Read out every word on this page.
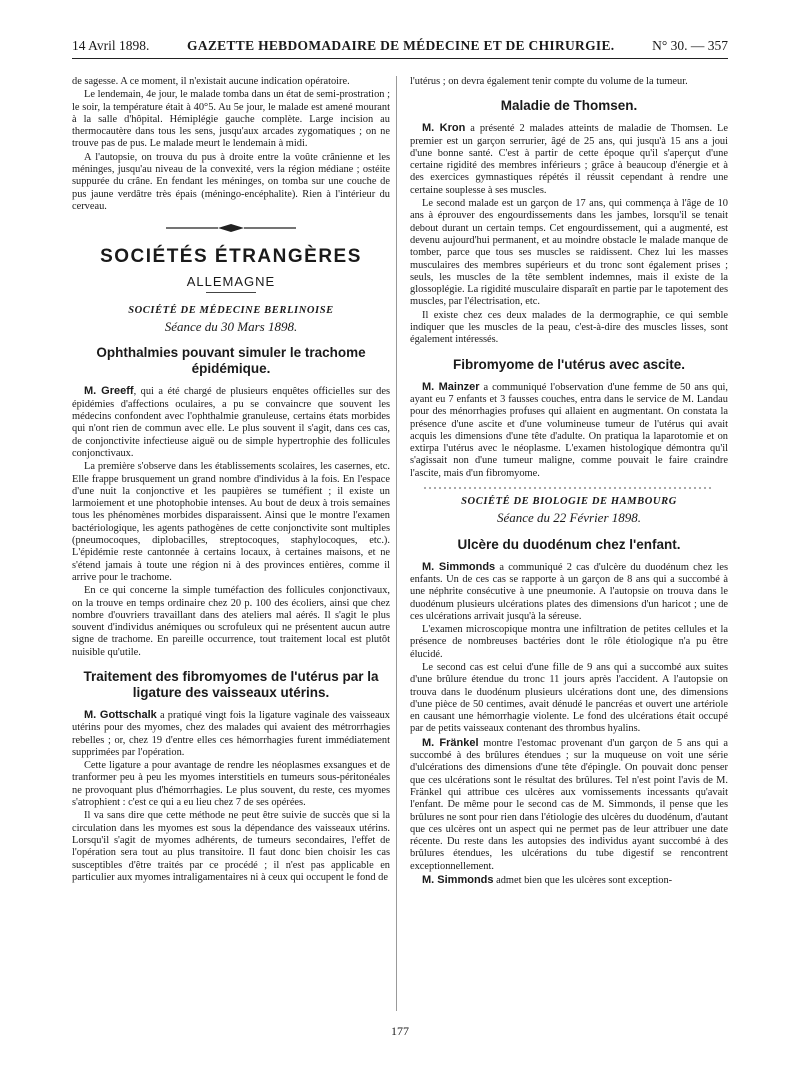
14 Avril 1898.	GAZETTE HEBDOMADAIRE DE MÉDECINE ET DE CHIRURGIE.	N° 30. — 357

de sagesse. A ce moment, il n'existait aucune indication opératoire.

Le lendemain, 4e jour, le malade tomba dans un état de semi-prostration ; le soir, la température était à 40°5. Au 5e jour, le malade est amené mourant à la salle d'hôpital. Hémiplégie gauche complète. Large incision au thermocautère dans tous les sens, jusqu'aux arcades zygomatiques ; on ne trouve pas de pus. Le malade meurt le lendemain à midi.

A l'autopsie, on trouva du pus à droite entre la voûte crânienne et les méninges, jusqu'au niveau de la convexité, vers la région médiane ; ostéite suppurée du crâne. En fendant les méninges, on tomba sur une couche de pus jaune verdâtre très épais (méningo-encéphalite). Rien à l'intérieur du cerveau.

SOCIÉTÉS ÉTRANGÈRES
ALLEMAGNE
SOCIÉTÉ DE MÉDECINE BERLINOISE
Séance du 30 Mars 1898.
Ophthalmies pouvant simuler le trachome épidémique.

M. Greeff, qui a été chargé de plusieurs enquêtes officielles sur des épidémies d'affections oculaires, a pu se convaincre que souvent les médecins confondent avec l'ophthalmie granuleuse, certains états morbides qui n'ont rien de commun avec elle. Le plus souvent il s'agit, dans ces cas, de conjonctivite infectieuse aiguë ou de simple hypertrophie des follicules conjonctivaux.

La première s'observe dans les établissements scolaires, les casernes, etc. Elle frappe brusquement un grand nombre d'individus à la fois. En l'espace d'une nuit la conjonctive et les paupières se tuméfient ; il existe un larmoiement et une photophobie intenses. Au bout de deux à trois semaines tous les phénomènes morbides disparaissent. Ainsi que le montre l'examen bactériologique, les agents pathogènes de cette conjonctivite sont multiples (pneumocoques, diplobacilles, streptocoques, staphylocoques, etc.). L'épidémie reste cantonnée à certains locaux, à certaines maisons, et ne s'étend jamais à toute une région ni à des provinces entières, comme il arrive pour le trachome.

En ce qui concerne la simple tuméfaction des follicules conjonctivaux, on la trouve en temps ordinaire chez 20 p. 100 des écoliers, ainsi que chez nombre d'ouvriers travaillant dans des ateliers mal aérés. Il s'agit le plus souvent d'individus anémiques ou scrofuleux qui ne présentent aucun autre signe de trachome. En pareille occurrence, tout traitement local est plutôt nuisible qu'utile.

Traitement des fibromyomes de l'utérus par la ligature des vaisseaux utérins.

M. Gottschalk a pratiqué vingt fois la ligature vaginale des vaisseaux utérins pour des myomes, chez des malades qui avaient des métrorrhagies rebelles ; or, chez 19 d'entre elles ces hémorrhagies furent immédiatement supprimées par l'opération.

Cette ligature a pour avantage de rendre les néoplasmes exsangues et de tranformer peu à peu les myomes interstitiels en tumeurs sous-péritonéales ne provoquant plus d'hémorrhagies. Le plus souvent, du reste, ces myomes s'atrophient : c'est ce qui a eu lieu chez 7 de ses opérées.

Il va sans dire que cette méthode ne peut être suivie de succès que si la circulation dans les myomes est sous la dépendance des vaisseaux utérins. Lorsqu'il s'agit de myomes adhérents, de tumeurs secondaires, l'effet de l'opération sera tout au plus transitoire. Il faut donc bien choisir les cas susceptibles d'être traités par ce procédé ; il n'est pas applicable en particulier aux myomes intraligamentaires ni à ceux qui occupent le fond de

l'utérus ; on devra également tenir compte du volume de la tumeur.

Maladie de Thomsen.

M. Kron a présenté 2 malades atteints de maladie de Thomsen. Le premier est un garçon serrurier, âgé de 25 ans, qui jusqu'à 15 ans a joui d'une bonne santé. C'est à partir de cette époque qu'il s'aperçut d'une certaine rigidité des membres inférieurs ; grâce à beaucoup d'énergie et à des exercices gymnastiques répétés il réussit cependant à rendre une certaine souplesse à ses muscles.

Le second malade est un garçon de 17 ans, qui commença à l'âge de 10 ans à éprouver des engourdissements dans les jambes, lorsqu'il se tenait debout durant un certain temps. Cet engourdissement, qui a augmenté, est devenu aujourd'hui permanent, et au moindre obstacle le malade manque de tomber, parce que tous ses muscles se raidissent. Chez lui les masses musculaires des membres supérieurs et du tronc sont également prises ; seuls, les muscles de la tête semblent indemnes, mais il existe de la glossoplégie. La rigidité musculaire disparaît en partie par le tapotement des muscles, par l'électrisation, etc.

Il existe chez ces deux malades de la dermographie, ce qui semble indiquer que les muscles de la peau, c'est-à-dire des muscles lisses, sont également intéressés.

Fibromyome de l'utérus avec ascite.

M. Mainzer a communiqué l'observation d'une femme de 50 ans qui, ayant eu 7 enfants et 3 fausses couches, entra dans le service de M. Landau pour des ménorrhagies profuses qui allaient en augmentant. On constata la présence d'une ascite et d'une volumineuse tumeur de l'utérus qui avait acquis les dimensions d'une tête d'adulte. On pratiqua la laparotomie et on extirpa l'utérus avec le néoplasme. L'examen histologique démontra qu'il s'agissait non d'une tumeur maligne, comme pouvait le faire craindre l'ascite, mais d'un fibromyome.

SOCIÉTÉ DE BIOLOGIE DE HAMBOURG
Séance du 22 Février 1898.
Ulcère du duodénum chez l'enfant.

M. Simmonds a communiqué 2 cas d'ulcère du duodénum chez les enfants. Un de ces cas se rapporte à un garçon de 8 ans qui a succombé à une néphrite consécutive à une pneumonie. A l'autopsie on trouva dans le duodénum plusieurs ulcérations plates des dimensions d'un haricot ; une de ces ulcérations arrivait jusqu'à la séreuse.

L'examen microscopique montra une infiltration de petites cellules et la présence de nombreuses bactéries dont le rôle étiologique n'a pu être élucidé.

Le second cas est celui d'une fille de 9 ans qui a succombé aux suites d'une brûlure étendue du tronc 11 jours après l'accident. A l'autopsie on trouva dans le duodénum plusieurs ulcérations dont une, des dimensions d'une pièce de 50 centimes, avait dénudé le pancréas et ouvert une artériole en causant une hémorrhagie violente. Le fond des ulcérations était occupé par de petits vaisseaux contenant des thrombus hyalins.

M. Fränkel montre l'estomac provenant d'un garçon de 5 ans qui a succombé à des brûlures étendues ; sur la muqueuse on voit une série d'ulcérations des dimensions d'une tête d'épingle. On pouvait donc penser que ces ulcérations sont le résultat des brûlures. Tel n'est point l'avis de M. Fränkel qui attribue ces ulcères aux vomissements incessants qu'avait l'enfant. De même pour le second cas de M. Simmonds, il pense que les brûlures ne sont pour rien dans l'étiologie des ulcères du duodénum, d'autant que ces ulcères ont un aspect qui ne permet pas de leur attribuer une date récente. Du reste dans les autopsies des individus ayant succombé à des brûlures étendues, les ulcérations du tube digestif se rencontrent exceptionnellement.

M. Simmonds admet bien que les ulcères sont exception-

177
